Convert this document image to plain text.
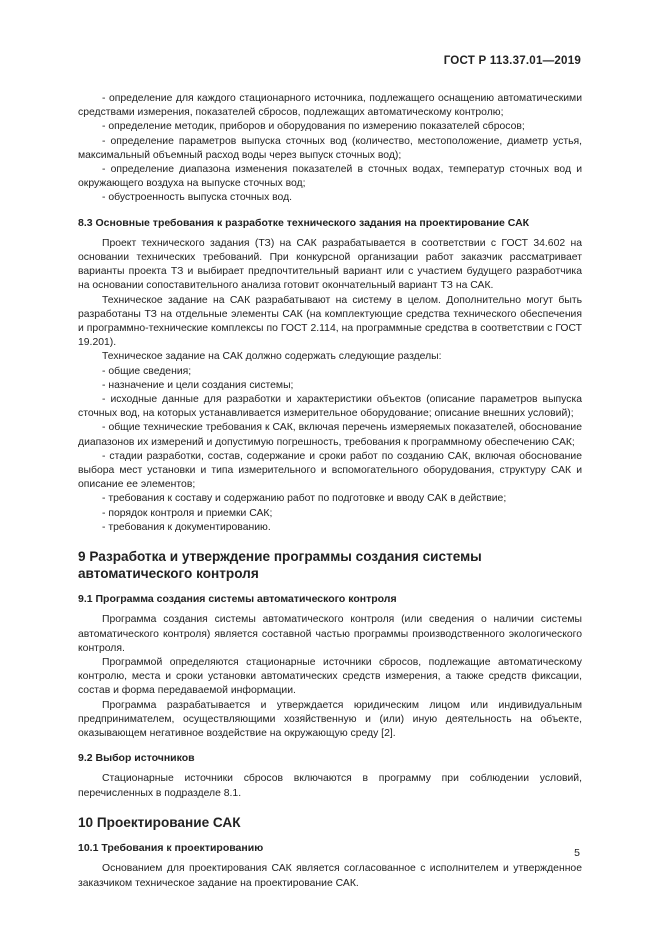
ГОСТ Р 113.37.01—2019

- определение для каждого стационарного источника, подлежащего оснащению автоматическими средствами измерения, показателей сбросов, подлежащих автоматическому контролю;

- определение методик, приборов и оборудования по измерению показателей сбросов;

- определение параметров выпуска сточных вод (количество, местоположение, диаметр устья, максимальный объемный расход воды через выпуск сточных вод);

- определение диапазона изменения показателей в сточных водах, температур сточных вод и окружающего воздуха на выпуске сточных вод;

- обустроенность выпуска сточных вод.

8.3 Основные требования к разработке технического задания на проектирование САК

Проект технического задания (ТЗ) на САК разрабатывается в соответствии с ГОСТ 34.602 на основании технических требований. При конкурсной организации работ заказчик рассматривает варианты проекта ТЗ и выбирает предпочтительный вариант или с участием будущего разработчика на основании сопоставительного анализа готовит окончательный вариант ТЗ на САК.

Техническое задание на САК разрабатывают на систему в целом. Дополнительно могут быть разработаны ТЗ на отдельные элементы САК (на комплектующие средства технического обеспечения и программно-технические комплексы по ГОСТ 2.114, на программные средства в соответствии с ГОСТ 19.201).

Техническое задание на САК должно содержать следующие разделы:

- общие сведения;

- назначение и цели создания системы;

- исходные данные для разработки и характеристики объектов (описание параметров выпуска сточных вод, на которых устанавливается измерительное оборудование; описание внешних условий);

- общие технические требования к САК, включая перечень измеряемых показателей, обоснование диапазонов их измерений и допустимую погрешность, требования к программному обеспечению САК;

- стадии разработки, состав, содержание и сроки работ по созданию САК, включая обоснование выбора мест установки и типа измерительного и вспомогательного оборудования, структуру САК и описание ее элементов;

- требования к составу и содержанию работ по подготовке и вводу САК в действие;

- порядок контроля и приемки САК;

- требования к документированию.

9 Разработка и утверждение программы создания системы автоматического контроля
9.1 Программа создания системы автоматического контроля

Программа создания системы автоматического контроля (или сведения о наличии системы автоматического контроля) является составной частью программы производственного экологического контроля.

Программой определяются стационарные источники сбросов, подлежащие автоматическому контролю, места и сроки установки автоматических средств измерения, а также средств фиксации, состав и форма передаваемой информации.

Программа разрабатывается и утверждается юридическим лицом или индивидуальным предпринимателем, осуществляющими хозяйственную и (или) иную деятельность на объекте, оказывающем негативное воздействие на окружающую среду [2].

9.2 Выбор источников

Стационарные источники сбросов включаются в программу при соблюдении условий, перечисленных в подразделе 8.1.

10 Проектирование САК
10.1 Требования к проектированию

Основанием для проектирования САК является согласованное с исполнителем и утвержденное заказчиком техническое задание на проектирование САК.

5
